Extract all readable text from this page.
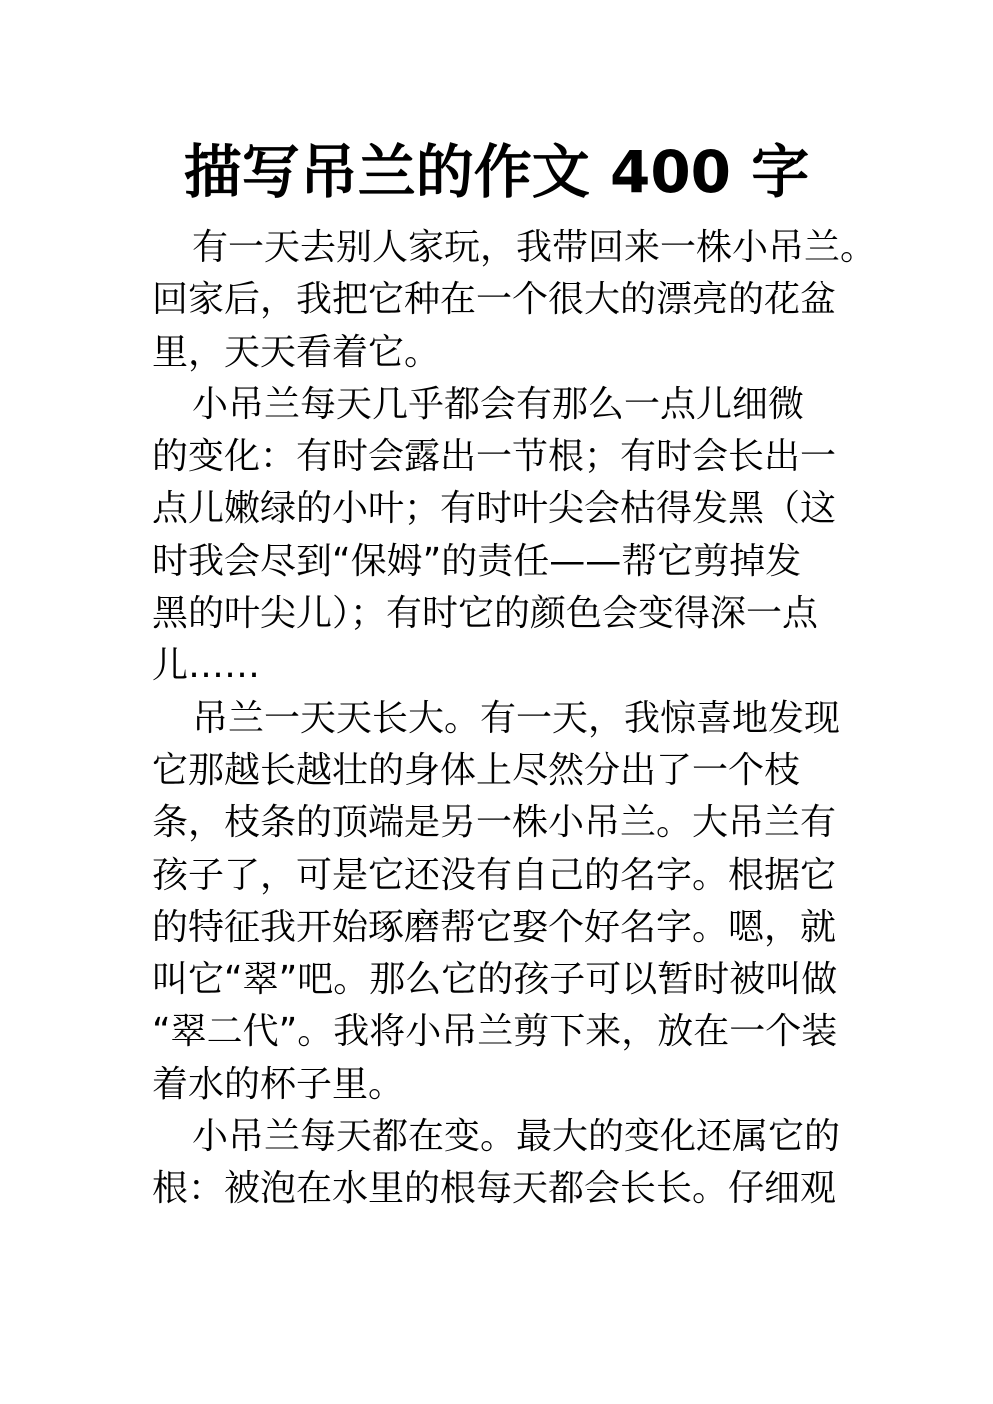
描写吊兰的作文 400 字
有一天去别人家玩，我带回来一株小吊兰。
回家后，我把它种在一个很大的漂亮的花盆
里，天天看着它。
小吊兰每天几乎都会有那么一点儿细微
的变化：有时会露出一节根；有时会长出一
点儿嫩绿的小叶；有时叶尖会枯得发黑（这
时我会尽到“保姆”的责任——帮它剪掉发
黑的叶尖儿）；有时它的颜色会变得深一点
儿……
吊兰一天天长大。有一天，我惊喜地发现
它那越长越壮的身体上尽然分出了一个枝
条，枝条的顶端是另一株小吊兰。大吊兰有
孩子了，可是它还没有自己的名字。根据它
的特征我开始琢磨帮它娶个好名字。嗯，就
叫它“翠”吧。那么它的孩子可以暂时被叫做
“翠二代”。我将小吊兰剪下来，放在一个装
着水的杯子里。
小吊兰每天都在变。最大的变化还属它的
根：被泡在水里的根每天都会长长。仔细观
